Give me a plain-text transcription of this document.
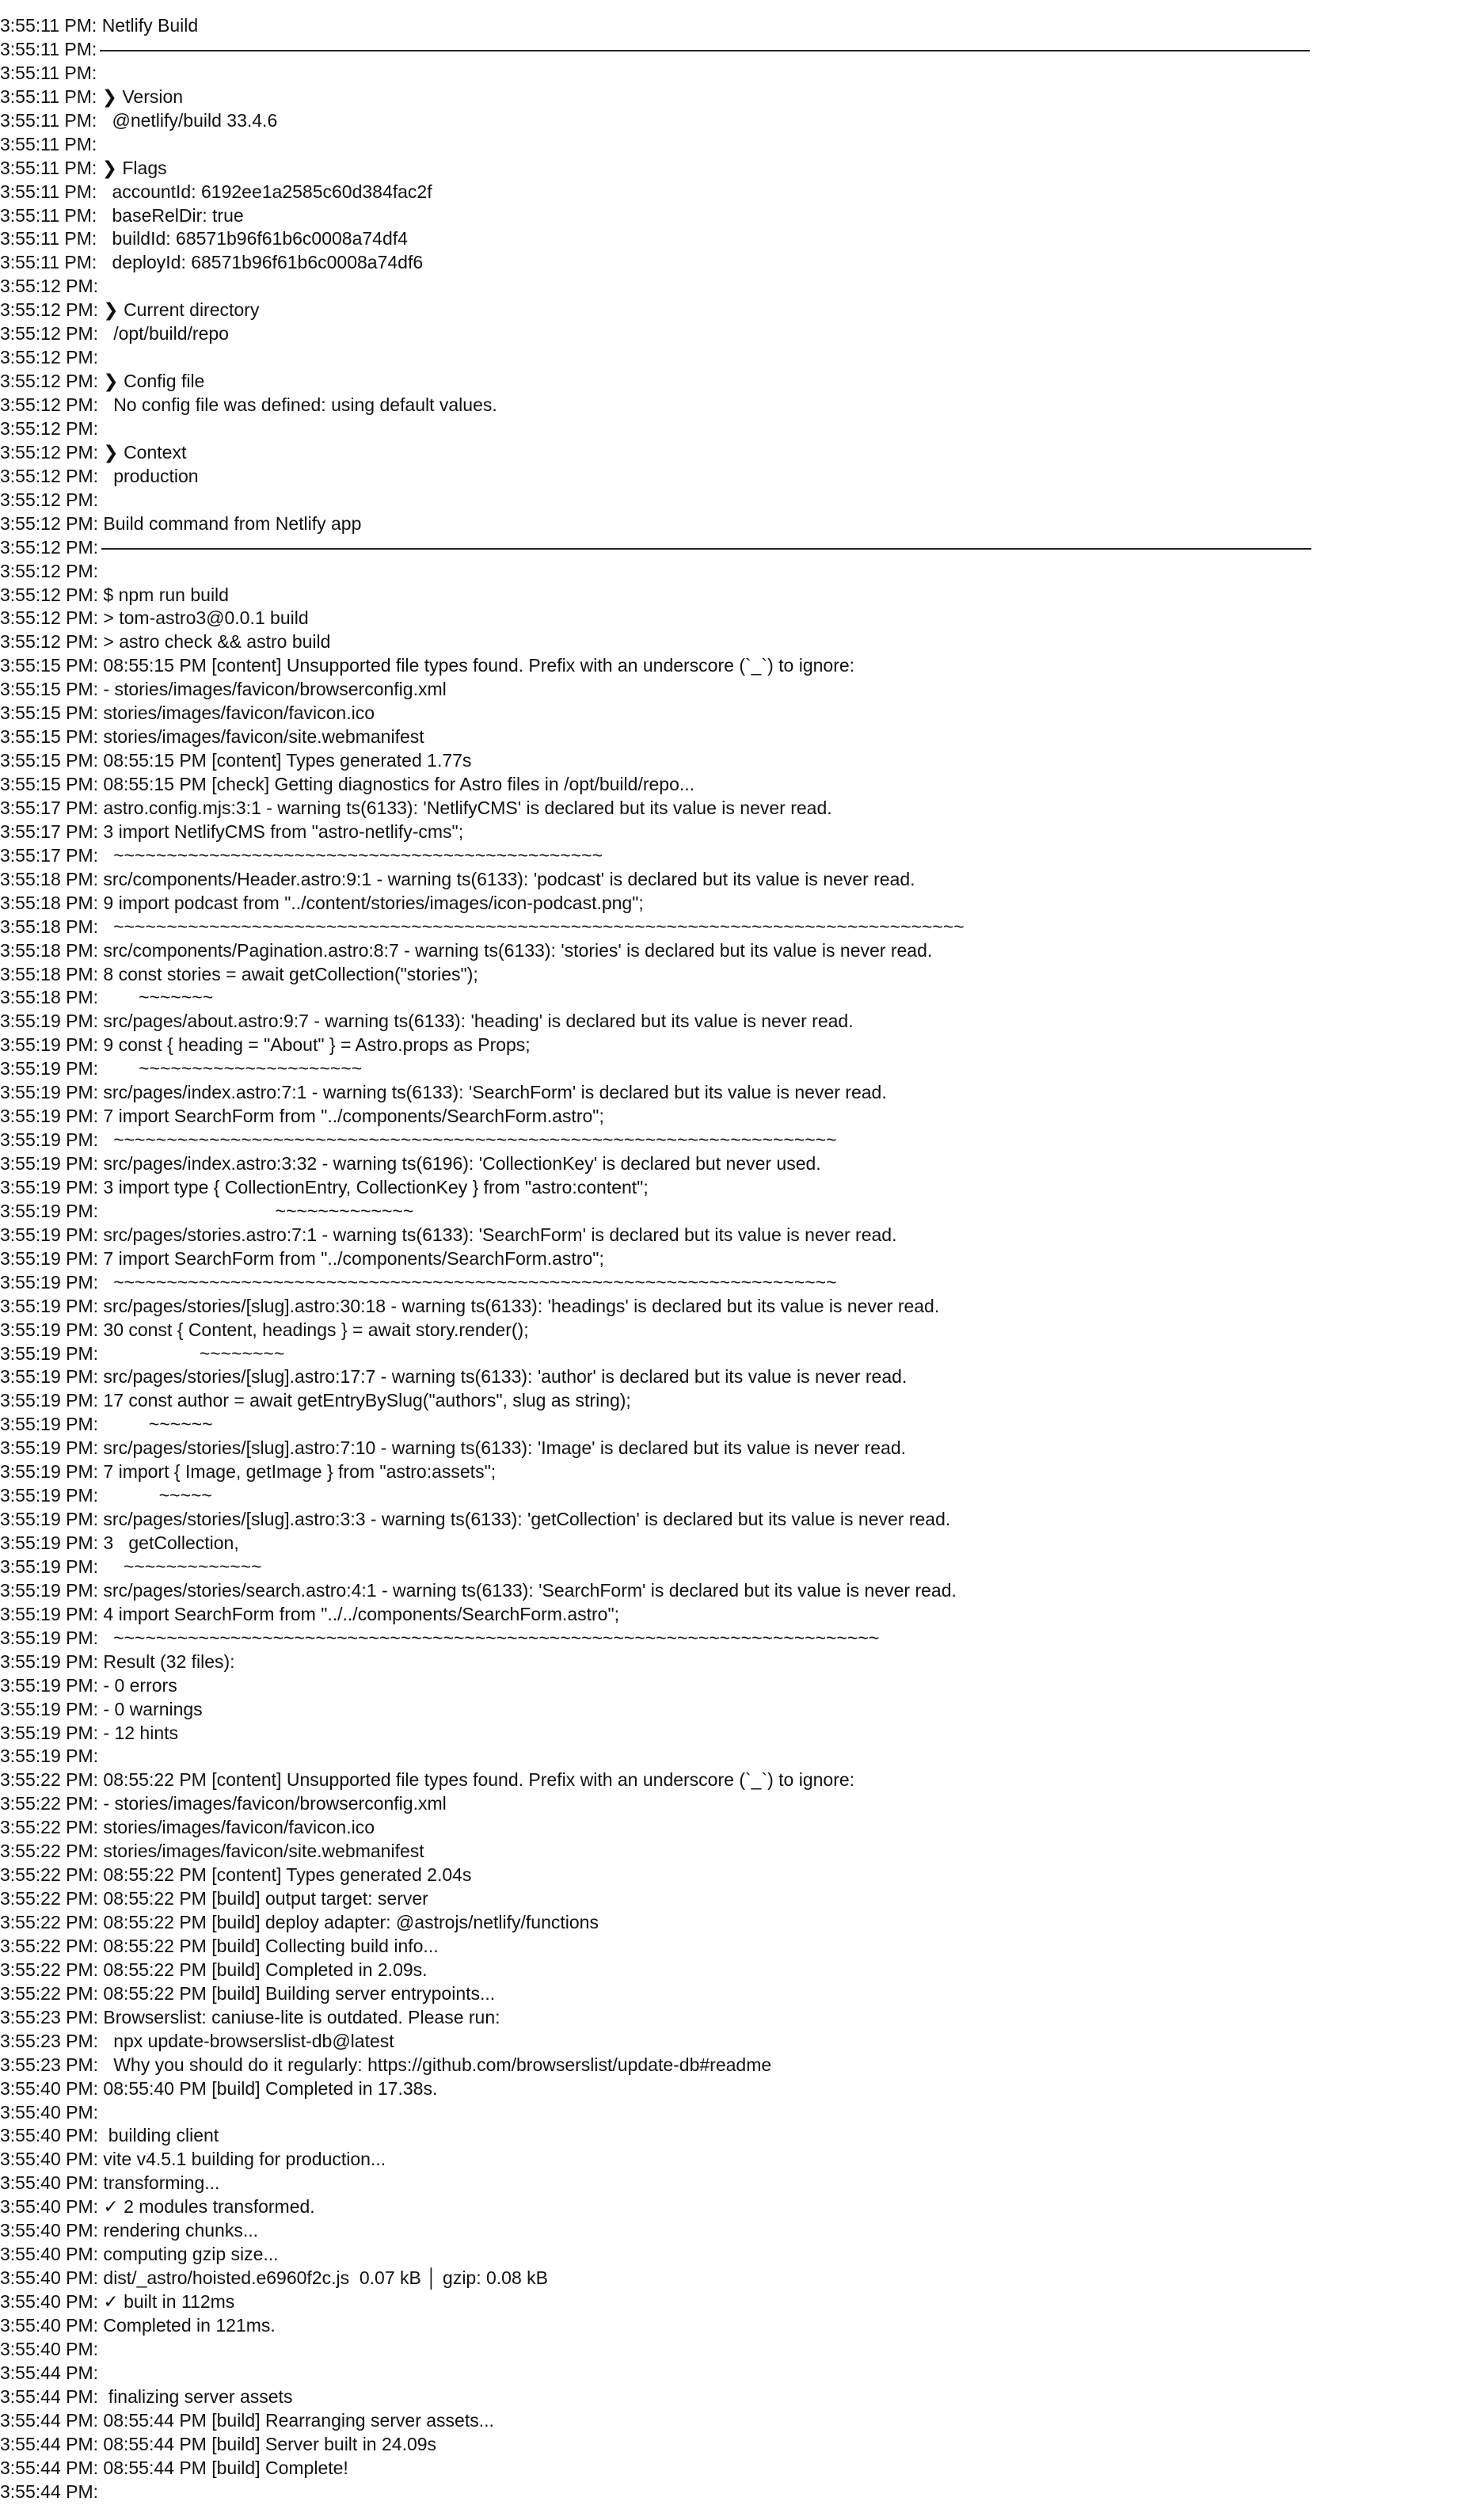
3:55:11 PM: Netlify Build
3:55:11 PM:
3:55:11 PM:
3:55:11 PM: ❯ Version
3:55:11 PM:   @netlify/build 33.4.6
3:55:11 PM:
3:55:11 PM: ❯ Flags
3:55:11 PM:   accountId: 6192ee1a2585c60d384fac2f
3:55:11 PM:   baseRelDir: true
3:55:11 PM:   buildId: 68571b96f61b6c0008a74df4
3:55:11 PM:   deployId: 68571b96f61b6c0008a74df6
3:55:12 PM:
3:55:12 PM: ❯ Current directory
3:55:12 PM:   /opt/build/repo
3:55:12 PM:
3:55:12 PM: ❯ Config file
3:55:12 PM:   No config file was defined: using default values.
3:55:12 PM:
3:55:12 PM: ❯ Context
3:55:12 PM:   production
3:55:12 PM:
3:55:12 PM: Build command from Netlify app
3:55:12 PM:
3:55:12 PM:
3:55:12 PM: $ npm run build
3:55:12 PM: > tom-astro3@0.0.1 build
3:55:12 PM: > astro check && astro build
3:55:15 PM: 08:55:15 PM [content] Unsupported file types found. Prefix with an underscore (`_`) to ignore:
3:55:15 PM: - stories/images/favicon/browserconfig.xml
3:55:15 PM: stories/images/favicon/favicon.ico
3:55:15 PM: stories/images/favicon/site.webmanifest
3:55:15 PM: 08:55:15 PM [content] Types generated 1.77s
3:55:15 PM: 08:55:15 PM [check] Getting diagnostics for Astro files in /opt/build/repo...
3:55:17 PM: astro.config.mjs:3:1 - warning ts(6133): 'NetlifyCMS' is declared but its value is never read.
3:55:17 PM: 3 import NetlifyCMS from "astro-netlify-cms";
3:55:17 PM:   ~~~~~~~~~~~~~~~~~~~~~~~~~~~~~~~~~~~~~~~~~~~~~~
3:55:18 PM: src/components/Header.astro:9:1 - warning ts(6133): 'podcast' is declared but its value is never read.
3:55:18 PM: 9 import podcast from "../content/stories/images/icon-podcast.png";
3:55:18 PM:   ~~~~~~~~~~~~~~~~~~~~~~~~~~~~~~~~~~~~~~~~~~~~~~~~~~~~~~~~~~~~~~~~~~~~~~~~~~~~~~~~
3:55:18 PM: src/components/Pagination.astro:8:7 - warning ts(6133): 'stories' is declared but its value is never read.
3:55:18 PM: 8 const stories = await getCollection("stories");
3:55:18 PM:        ~~~~~~~
3:55:19 PM: src/pages/about.astro:9:7 - warning ts(6133): 'heading' is declared but its value is never read.
3:55:19 PM: 9 const { heading = "About" } = Astro.props as Props;
3:55:19 PM:        ~~~~~~~~~~~~~~~~~~~~~
3:55:19 PM: src/pages/index.astro:7:1 - warning ts(6133): 'SearchForm' is declared but its value is never read.
3:55:19 PM: 7 import SearchForm from "../components/SearchForm.astro";
3:55:19 PM:   ~~~~~~~~~~~~~~~~~~~~~~~~~~~~~~~~~~~~~~~~~~~~~~~~~~~~~~~~~~~~~~~~~~~~
3:55:19 PM: src/pages/index.astro:3:32 - warning ts(6196): 'CollectionKey' is declared but never used.
3:55:19 PM: 3 import type { CollectionEntry, CollectionKey } from "astro:content";
3:55:19 PM:                                   ~~~~~~~~~~~~~
3:55:19 PM: src/pages/stories.astro:7:1 - warning ts(6133): 'SearchForm' is declared but its value is never read.
3:55:19 PM: 7 import SearchForm from "../components/SearchForm.astro";
3:55:19 PM:   ~~~~~~~~~~~~~~~~~~~~~~~~~~~~~~~~~~~~~~~~~~~~~~~~~~~~~~~~~~~~~~~~~~~~
3:55:19 PM: src/pages/stories/[slug].astro:30:18 - warning ts(6133): 'headings' is declared but its value is never read.
3:55:19 PM: 30 const { Content, headings } = await story.render();
3:55:19 PM:                    ~~~~~~~~
3:55:19 PM: src/pages/stories/[slug].astro:17:7 - warning ts(6133): 'author' is declared but its value is never read.
3:55:19 PM: 17 const author = await getEntryBySlug("authors", slug as string);
3:55:19 PM:          ~~~~~~
3:55:19 PM: src/pages/stories/[slug].astro:7:10 - warning ts(6133): 'Image' is declared but its value is never read.
3:55:19 PM: 7 import { Image, getImage } from "astro:assets";
3:55:19 PM:            ~~~~~
3:55:19 PM: src/pages/stories/[slug].astro:3:3 - warning ts(6133): 'getCollection' is declared but its value is never read.
3:55:19 PM: 3   getCollection,
3:55:19 PM:     ~~~~~~~~~~~~~
3:55:19 PM: src/pages/stories/search.astro:4:1 - warning ts(6133): 'SearchForm' is declared but its value is never read.
3:55:19 PM: 4 import SearchForm from "../../components/SearchForm.astro";
3:55:19 PM:   ~~~~~~~~~~~~~~~~~~~~~~~~~~~~~~~~~~~~~~~~~~~~~~~~~~~~~~~~~~~~~~~~~~~~~~~~
3:55:19 PM: Result (32 files):
3:55:19 PM: - 0 errors
3:55:19 PM: - 0 warnings
3:55:19 PM: - 12 hints
3:55:19 PM:
3:55:22 PM: 08:55:22 PM [content] Unsupported file types found. Prefix with an underscore (`_`) to ignore:
3:55:22 PM: - stories/images/favicon/browserconfig.xml
3:55:22 PM: stories/images/favicon/favicon.ico
3:55:22 PM: stories/images/favicon/site.webmanifest
3:55:22 PM: 08:55:22 PM [content] Types generated 2.04s
3:55:22 PM: 08:55:22 PM [build] output target: server
3:55:22 PM: 08:55:22 PM [build] deploy adapter: @astrojs/netlify/functions
3:55:22 PM: 08:55:22 PM [build] Collecting build info...
3:55:22 PM: 08:55:22 PM [build] Completed in 2.09s.
3:55:22 PM: 08:55:22 PM [build] Building server entrypoints...
3:55:23 PM: Browserslist: caniuse-lite is outdated. Please run:
3:55:23 PM:   npx update-browserslist-db@latest
3:55:23 PM:   Why you should do it regularly: https://github.com/browserslist/update-db#readme
3:55:40 PM: 08:55:40 PM [build] Completed in 17.38s.
3:55:40 PM:
3:55:40 PM:  building client
3:55:40 PM: vite v4.5.1 building for production...
3:55:40 PM: transforming...
3:55:40 PM: ✓ 2 modules transformed.
3:55:40 PM: rendering chunks...
3:55:40 PM: computing gzip size...
3:55:40 PM: dist/_astro/hoisted.e6960f2c.js  0.07 kB │ gzip: 0.08 kB
3:55:40 PM: ✓ built in 112ms
3:55:40 PM: Completed in 121ms.
3:55:40 PM:
3:55:44 PM:
3:55:44 PM:  finalizing server assets
3:55:44 PM: 08:55:44 PM [build] Rearranging server assets...
3:55:44 PM: 08:55:44 PM [build] Server built in 24.09s
3:55:44 PM: 08:55:44 PM [build] Complete!
3:55:44 PM:
